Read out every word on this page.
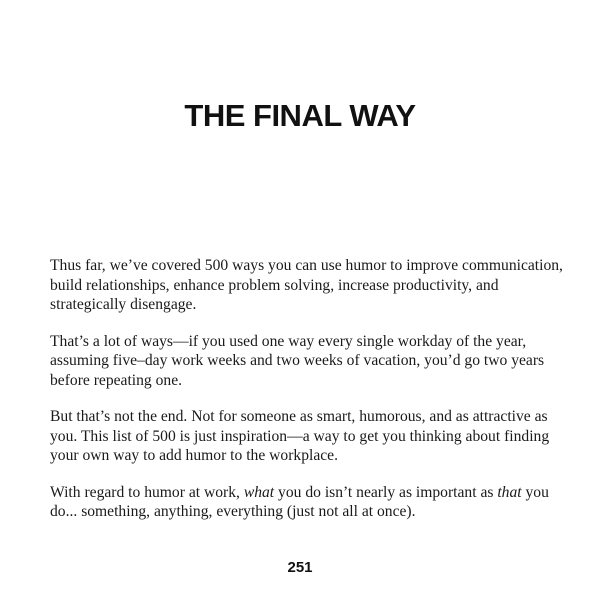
THE FINAL WAY

Thus far, we’ve covered 500 ways you can use humor to improve communication, build relationships, enhance problem solving, increase productivity, and strategically disengage.

That’s a lot of ways—if you used one way every single workday of the year, assuming five–day work weeks and two weeks of vacation, you’d go two years before repeating one.

But that’s not the end. Not for someone as smart, humorous, and as attractive as you. This list of 500 is just inspiration—a way to get you thinking about finding your own way to add humor to the workplace.

With regard to humor at work, what you do isn’t nearly as important as that you do... something, anything, everything (just not all at once).

251
